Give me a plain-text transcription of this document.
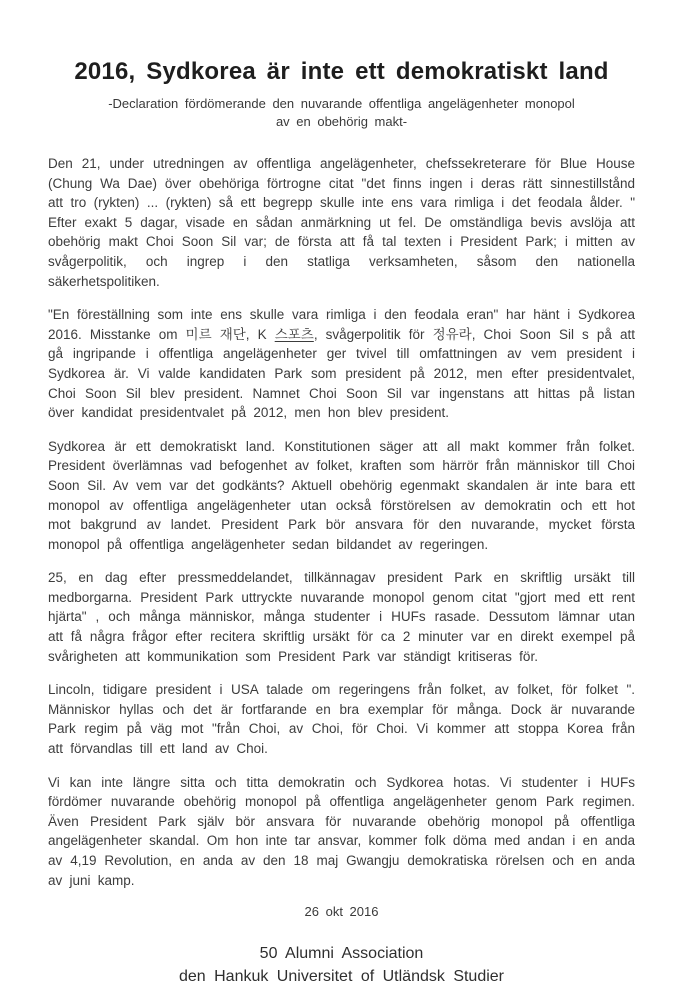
2016, Sydkorea är inte ett demokratiskt land
-Declaration fördömerande den nuvarande offentliga angelägenheter monopol
av en obehörig makt-

Den 21, under utredningen av offentliga angelägenheter, chefssekreterare för Blue House (Chung Wa Dae) över obehöriga förtrogne citat "det finns ingen i deras rätt sinnestillstånd att tro (rykten) ... (rykten) så ett begrepp skulle inte ens vara rimliga i det feodala ålder. " Efter exakt 5 dagar, visade en sådan anmärkning ut fel. De omständliga bevis avslöja att obehörig makt Choi Soon Sil var; de första att få tal texten i President Park; i mitten av svågerpolitik, och ingrep i den statliga verksamheten, såsom den nationella säkerhetspolitiken.

"En föreställning som inte ens skulle vara rimliga i den feodala eran" har hänt i Sydkorea 2016. Misstanke om 미르 재단, K 스포츠, svågerpolitik för 정유라, Choi Soon Sil s på att gå ingripande i offentliga angelägenheter ger tvivel till omfattningen av vem president i Sydkorea är. Vi valde kandidaten Park som president på 2012, men efter presidentvalet, Choi Soon Sil blev president. Namnet Choi Soon Sil var ingenstans att hittas på listan över kandidat presidentvalet på 2012, men hon blev president.

Sydkorea är ett demokratiskt land. Konstitutionen säger att all makt kommer från folket. President överlämnas vad befogenhet av folket, kraften som härrör från människor till Choi Soon Sil. Av vem var det godkänts? Aktuell obehörig egenmakt skandalen är inte bara ett monopol av offentliga angelägenheter utan också förstörelsen av demokratin och ett hot mot bakgrund av landet. President Park bör ansvara för den nuvarande, mycket första monopol på offentliga angelägenheter sedan bildandet av regeringen.

25, en dag efter pressmeddelandet, tillkännagav president Park en skriftlig ursäkt till medborgarna. President Park uttryckte nuvarande monopol genom citat "gjort med ett rent hjärta" , och många människor, många studenter i HUFs rasade. Dessutom lämnar utan att få några frågor efter recitera skriftlig ursäkt för ca 2 minuter var en direkt exempel på svårigheten att kommunikation som President Park var ständigt kritiseras för.

Lincoln, tidigare president i USA talade om regeringens från folket, av folket, för folket ". Människor hyllas och det är fortfarande en bra exemplar för många. Dock är nuvarande Park regim på väg mot "från Choi, av Choi, för Choi. Vi kommer att stoppa Korea från att förvandlas till ett land av Choi.

Vi kan inte längre sitta och titta demokratin och Sydkorea hotas. Vi studenter i HUFs fördömer nuvarande obehörig monopol på offentliga angelägenheter genom Park regimen. Även President Park själv bör ansvara för nuvarande obehörig monopol på offentliga angelägenheter skandal. Om hon inte tar ansvar, kommer folk döma med andan i en anda av 4,19 Revolution, en anda av den 18 maj Gwangju demokratiska rörelsen och en anda av juni kamp.

26 okt 2016
50 Alumni Association
den Hankuk Universitet of Utländsk Studier
